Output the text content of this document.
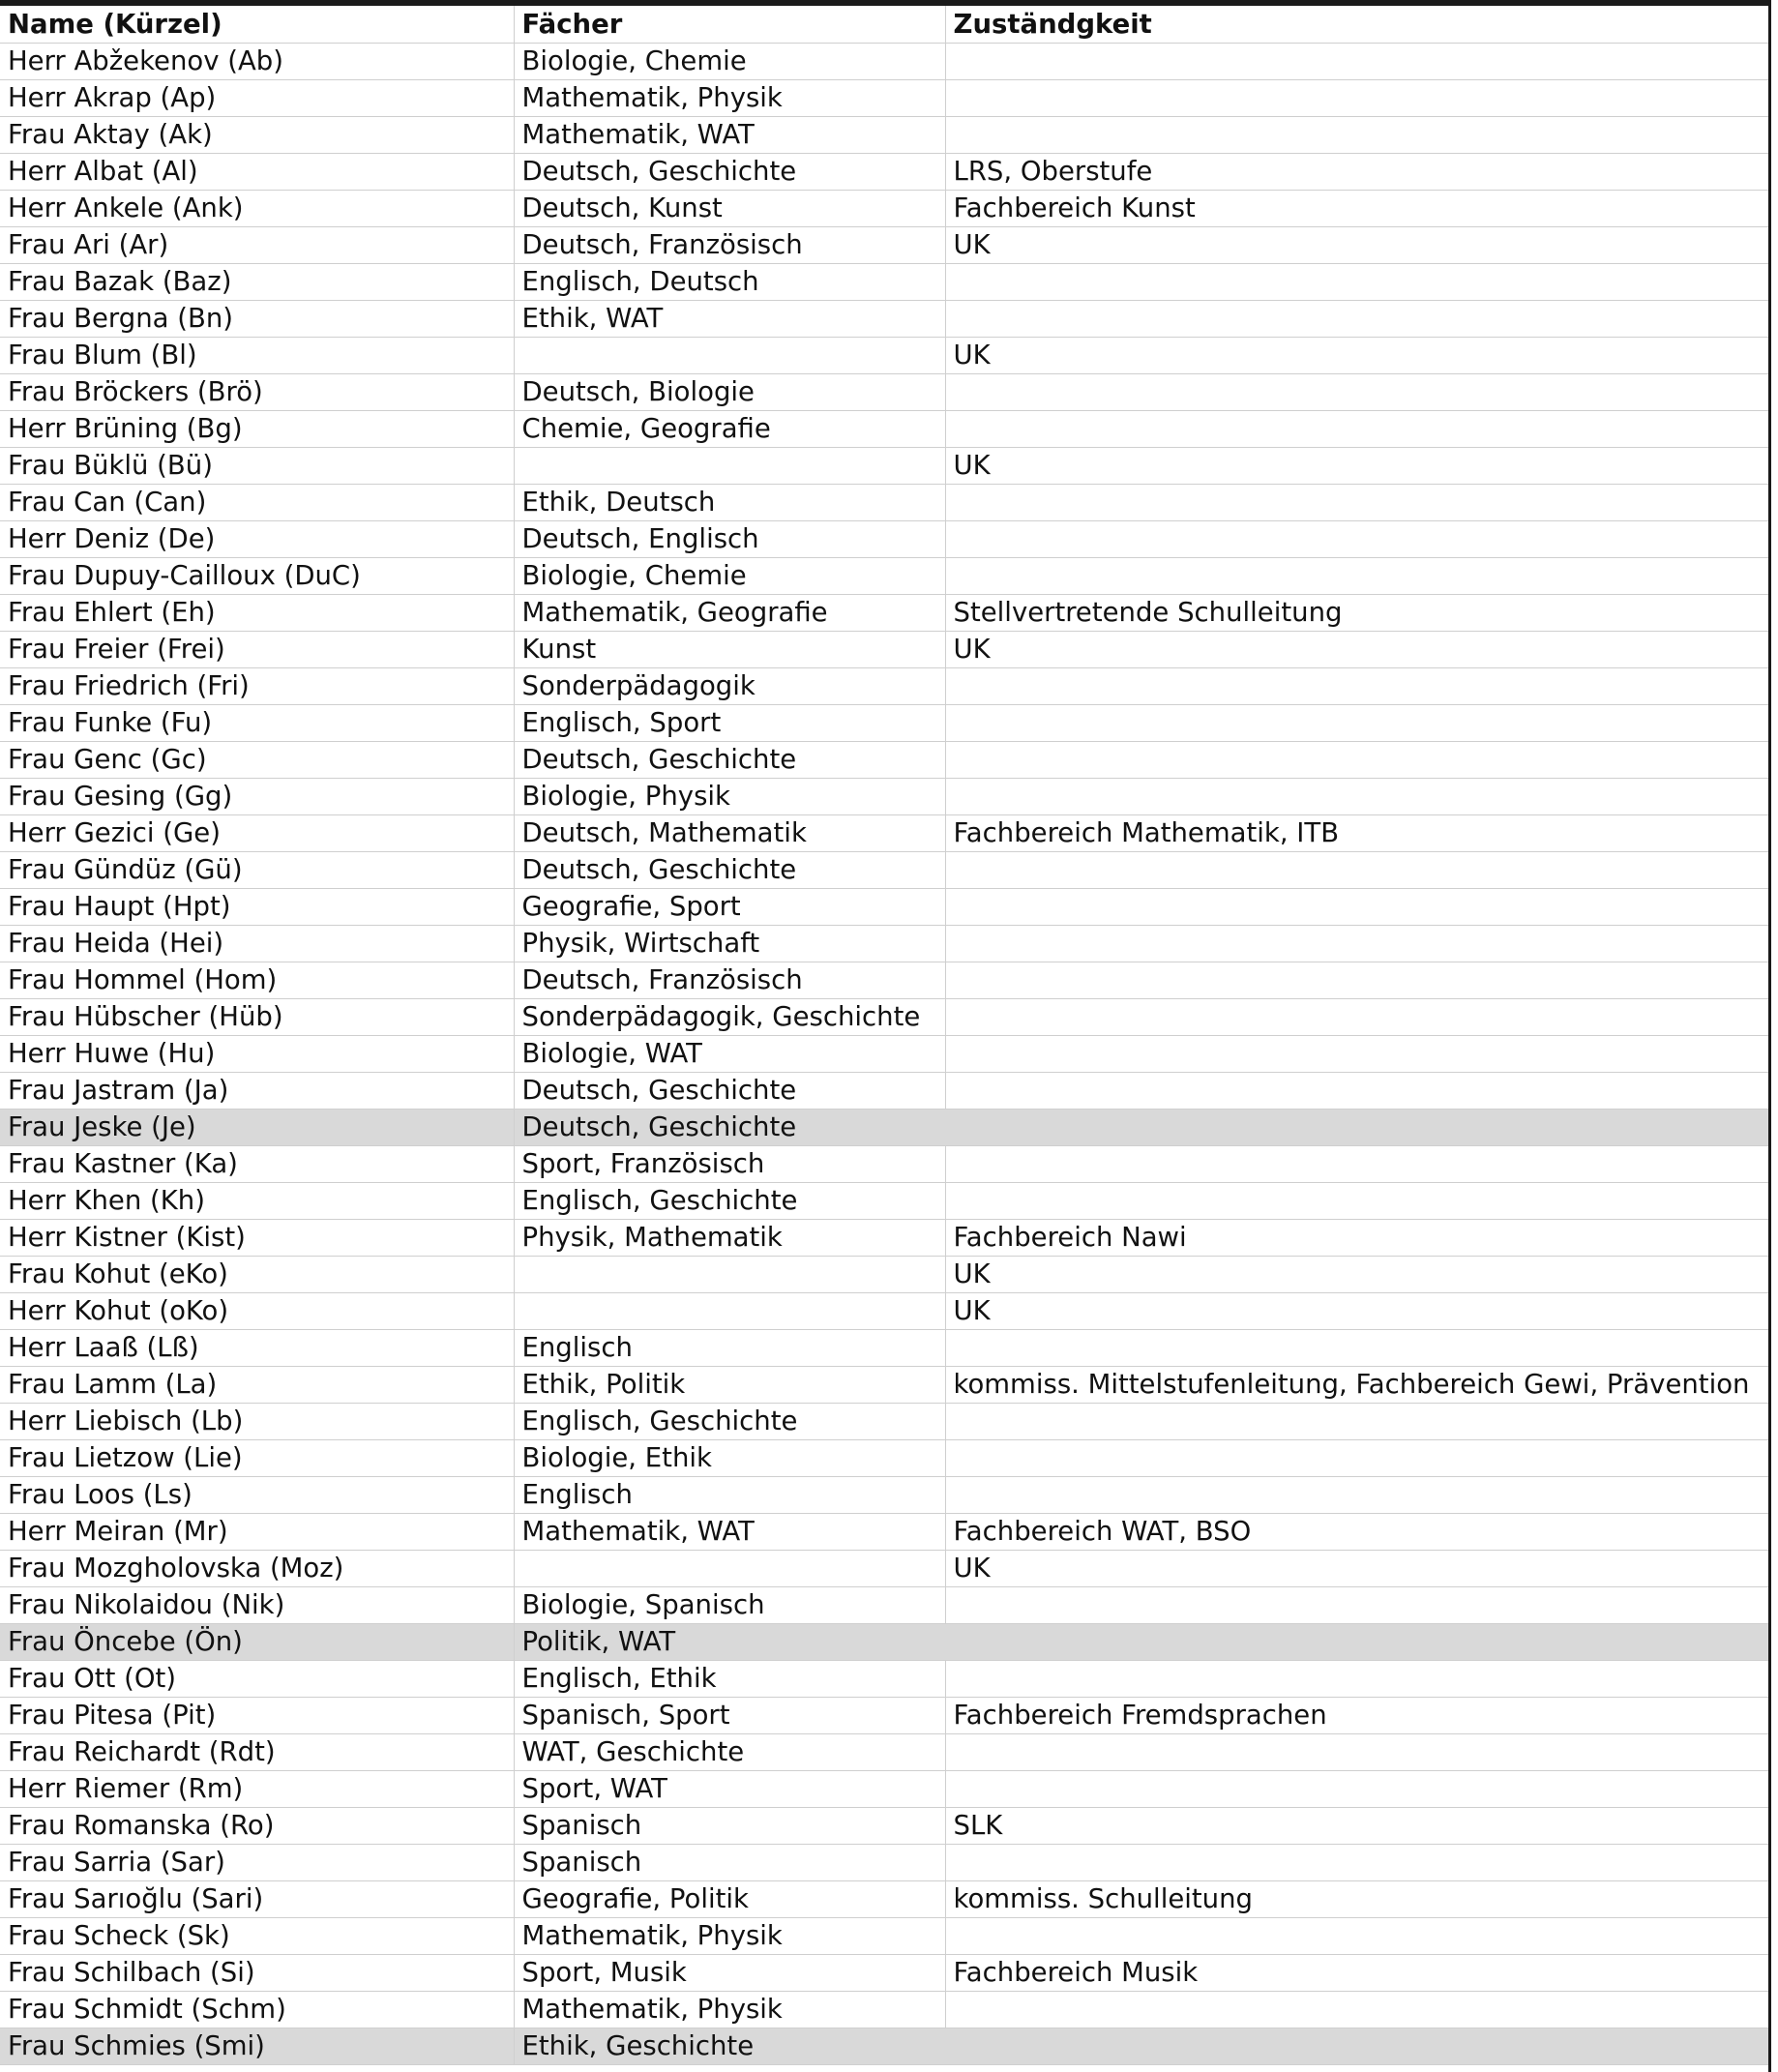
Name (Kürzel)	Fächer	Zuständgkeit
Herr Abžekenov (Ab)	Biologie, Chemie	
Herr Akrap (Ap)	Mathematik, Physik	
Frau Aktay (Ak)	Mathematik, WAT	
Herr Albat (Al)	Deutsch, Geschichte	LRS, Oberstufe
Herr Ankele (Ank)	Deutsch, Kunst	Fachbereich Kunst
Frau Ari (Ar)	Deutsch, Französisch	UK
Frau Bazak (Baz)	Englisch, Deutsch	
Frau Bergna (Bn)	Ethik, WAT	
Frau Blum (Bl)		UK
Frau Bröckers (Brö)	Deutsch, Biologie	
Herr Brüning (Bg)	Chemie, Geografie	
Frau Büklü (Bü)		UK
Frau Can (Can)	Ethik, Deutsch	
Herr Deniz (De)	Deutsch, Englisch	
Frau Dupuy-Cailloux (DuC)	Biologie, Chemie	
Frau Ehlert (Eh)	Mathematik, Geografie	Stellvertretende Schulleitung
Frau Freier (Frei)	Kunst	UK
Frau Friedrich (Fri)	Sonderpädagogik	
Frau Funke (Fu)	Englisch, Sport	
Frau Genc (Gc)	Deutsch, Geschichte	
Frau Gesing (Gg)	Biologie, Physik	
Herr Gezici (Ge)	Deutsch, Mathematik	Fachbereich Mathematik, ITB
Frau Gündüz (Gü)	Deutsch, Geschichte	
Frau Haupt (Hpt)	Geografie, Sport	
Frau Heida (Hei)	Physik, Wirtschaft	
Frau Hommel (Hom)	Deutsch, Französisch	
Frau Hübscher (Hüb)	Sonderpädagogik, Geschichte	
Herr Huwe (Hu)	Biologie, WAT	
Frau Jastram (Ja)	Deutsch, Geschichte	
Frau Jeske (Je)	Deutsch, Geschichte	
Frau Kastner (Ka)	Sport, Französisch	
Herr Khen (Kh)	Englisch, Geschichte	
Herr Kistner (Kist)	Physik, Mathematik	Fachbereich Nawi
Frau Kohut (eKo)		UK
Herr Kohut (oKo)		UK
Herr Laaß (Lß)	Englisch	
Frau Lamm (La)	Ethik, Politik	kommiss. Mittelstufenleitung, Fachbereich Gewi, Prävention
Herr Liebisch (Lb)	Englisch, Geschichte	
Frau Lietzow (Lie)	Biologie, Ethik	
Frau Loos (Ls)	Englisch	
Herr Meiran (Mr)	Mathematik, WAT	Fachbereich WAT, BSO
Frau Mozgholovska (Moz)		UK
Frau Nikolaidou (Nik)	Biologie, Spanisch	
Frau Öncebe (Ön)	Politik, WAT	
Frau Ott (Ot)	Englisch, Ethik	
Frau Pitesa (Pit)	Spanisch, Sport	Fachbereich Fremdsprachen
Frau Reichardt (Rdt)	WAT, Geschichte	
Herr Riemer (Rm)	Sport, WAT	
Frau Romanska (Ro)	Spanisch	SLK
Frau Sarria (Sar)	Spanisch	
Frau Sarıoğlu (Sari)	Geografie, Politik	kommiss. Schulleitung
Frau Scheck (Sk)	Mathematik, Physik	
Frau Schilbach (Si)	Sport, Musik	Fachbereich Musik
Frau Schmidt (Schm)	Mathematik, Physik	
Frau Schmies (Smi)	Ethik, Geschichte	
